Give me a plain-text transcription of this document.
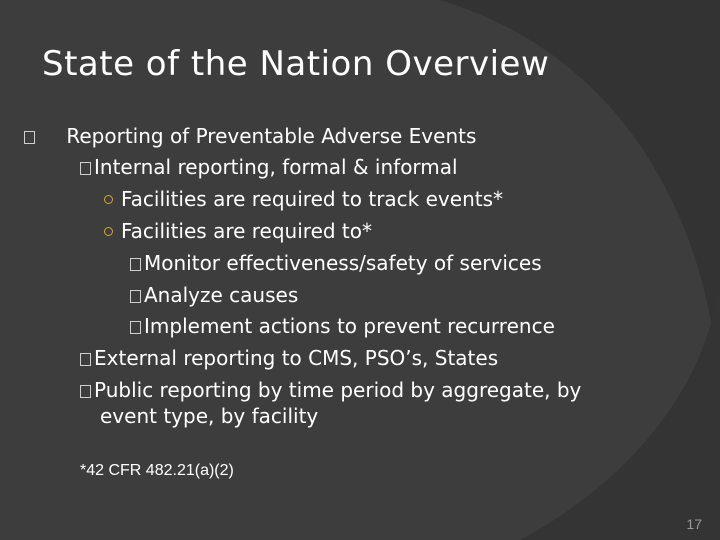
State of the Nation Overview
Reporting of Preventable Adverse Events
Internal reporting, formal & informal
Facilities are required to track events*
Facilities are required to*
Monitor effectiveness/safety of services
Analyze causes
Implement actions to prevent recurrence
External reporting to CMS, PSO’s, States
Public reporting by time period by aggregate, by
event type, by facility
*42 CFR 482.21(a)(2)
17
